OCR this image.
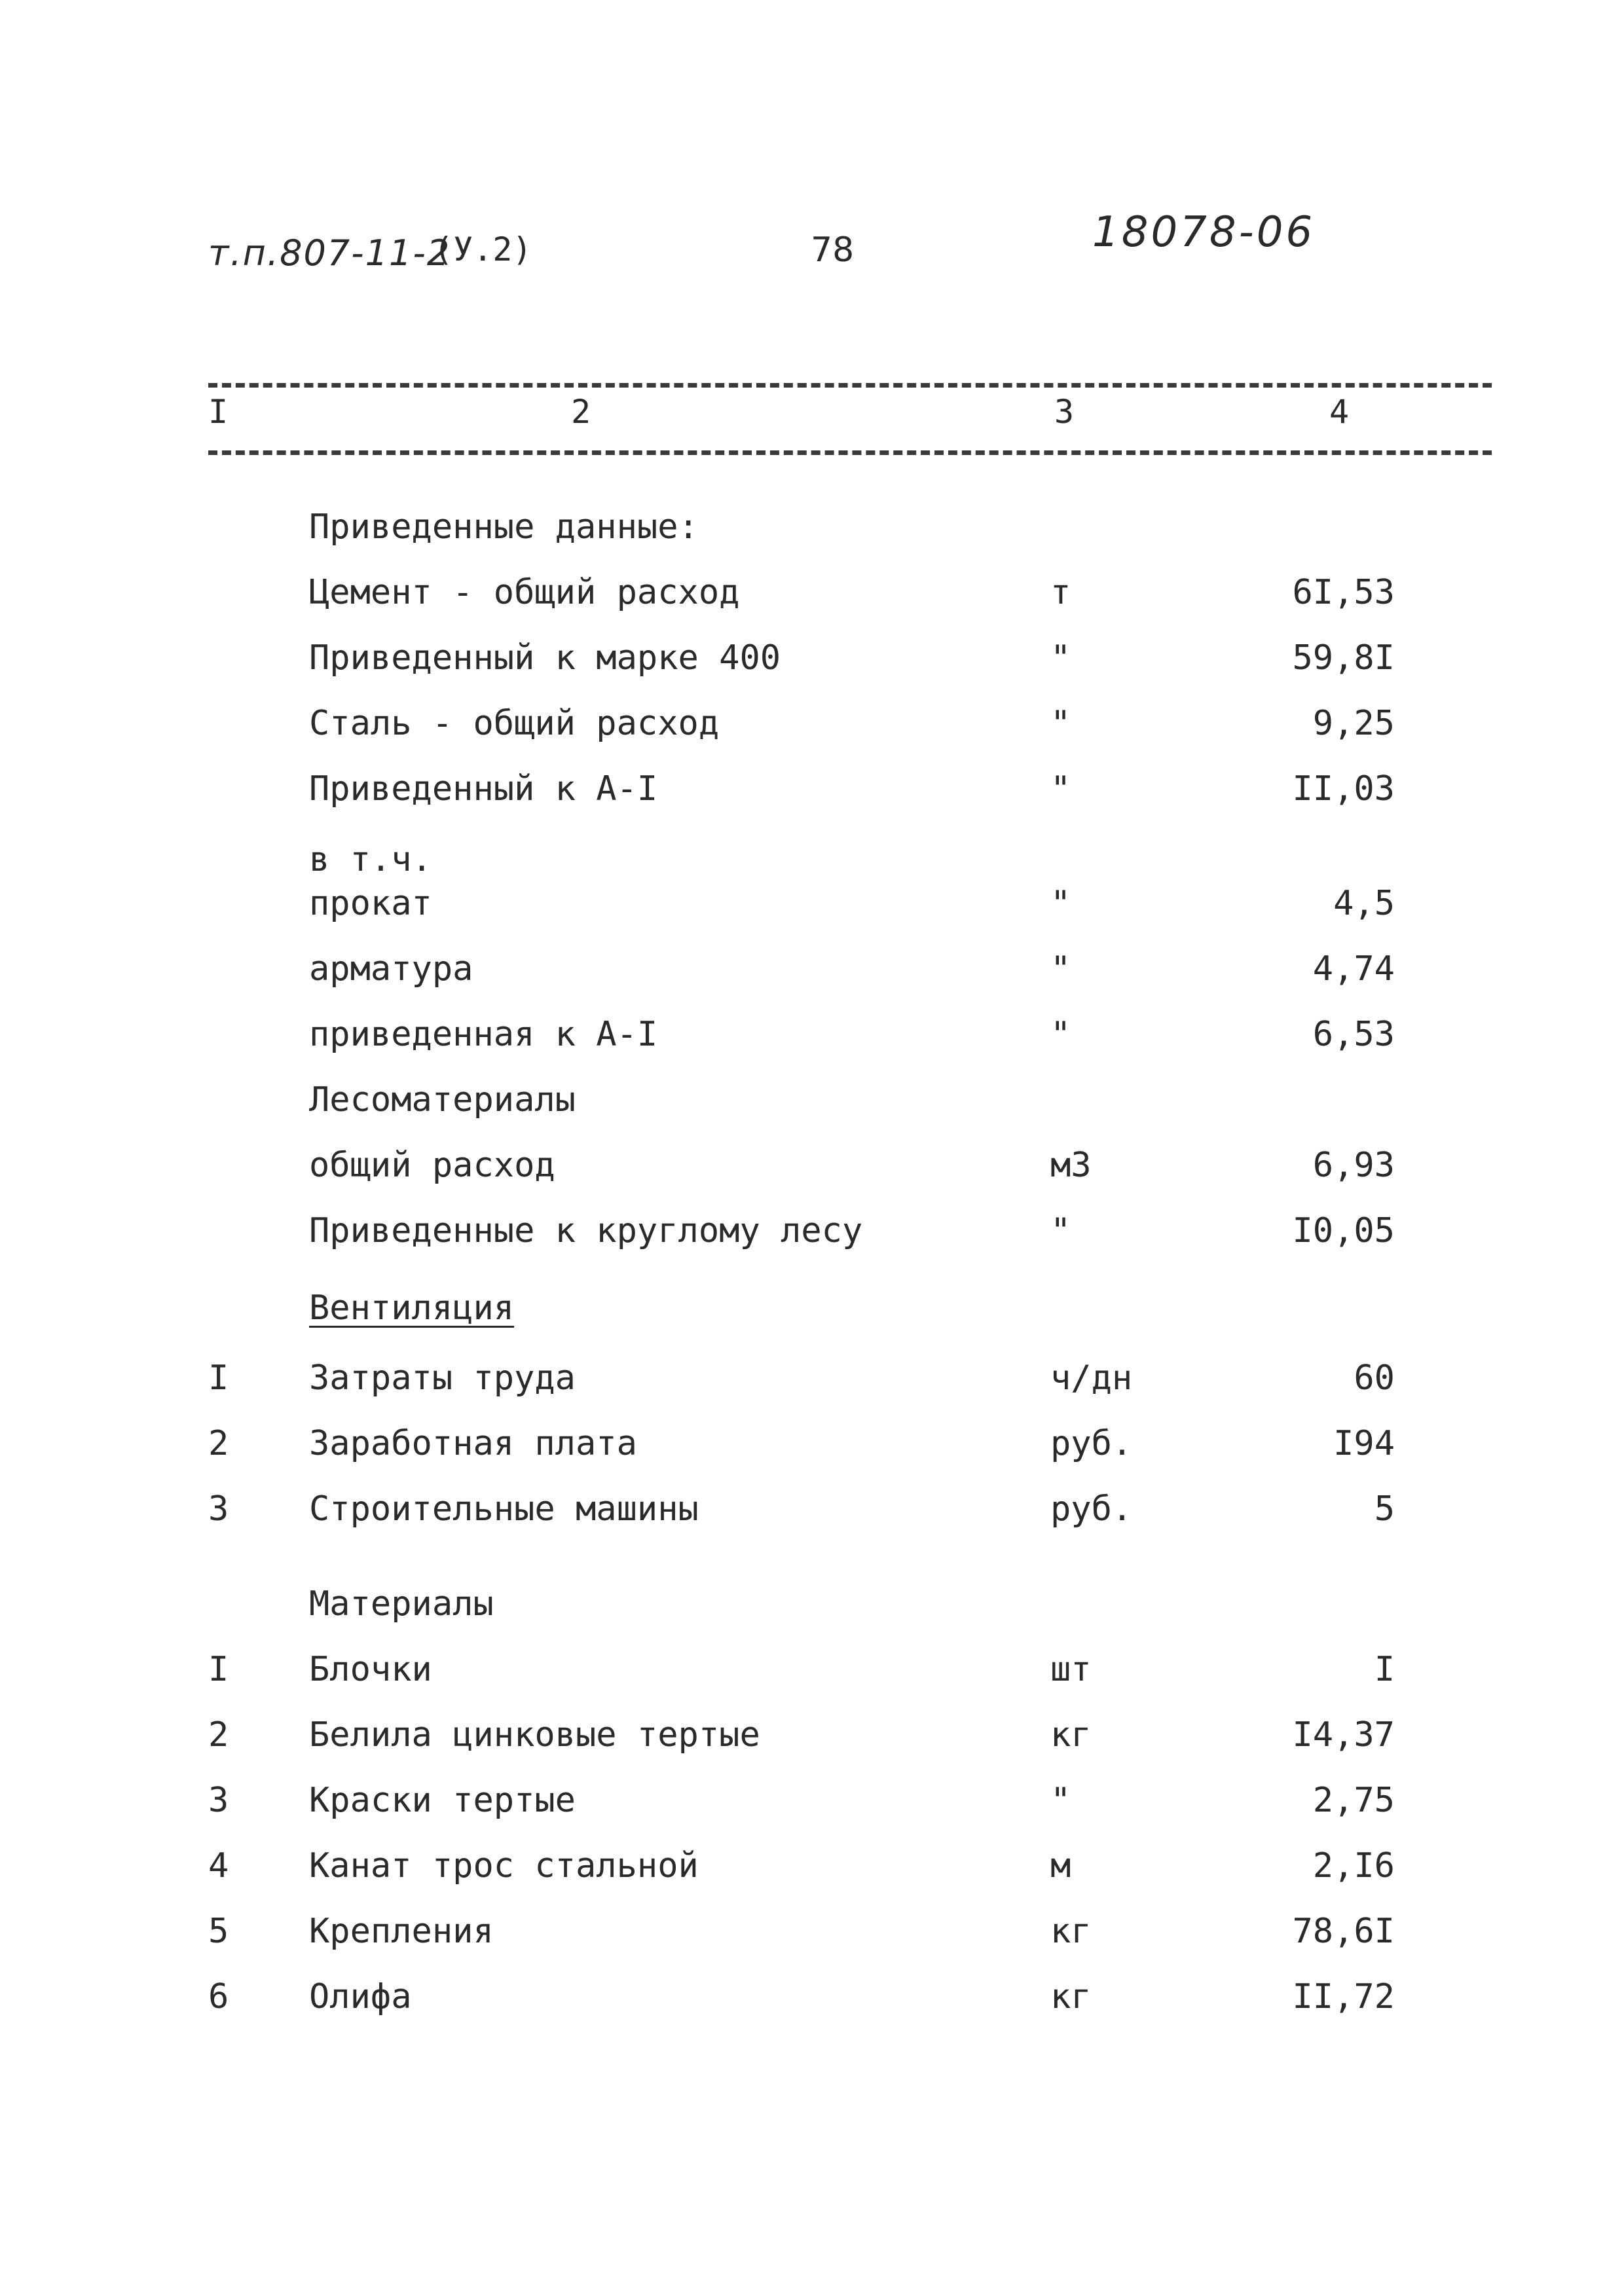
т.п.807-11-2
(У.2)	78	18078-06
I	2	3	4
Приведенные данные:
Цемент - общий расход	т	6I,53
Приведенный к марке 400	"	59,8I
Сталь - общий расход	"	9,25
Приведенный к А-I	"	II,03
в т.ч.
прокат	"	4,5
арматура	"	4,74
приведенная к А-I	"	6,53
Лесоматериалы
общий расход	м3	6,93
Приведенные к круглому лесу	"	I0,05
Вентиляция
I Затраты труда	ч/дн	60
2 Заработная плата	руб.	I94
3 Строительные машины	руб.	5
Материалы
I Блочки	шт	I
2 Белила цинковые тертые	кг	I4,37
3 Краски тертые	"	2,75
4 Канат трос стальной	м	2,I6
5 Крепления	кг	78,6I
6 Олифа	кг	II,72
